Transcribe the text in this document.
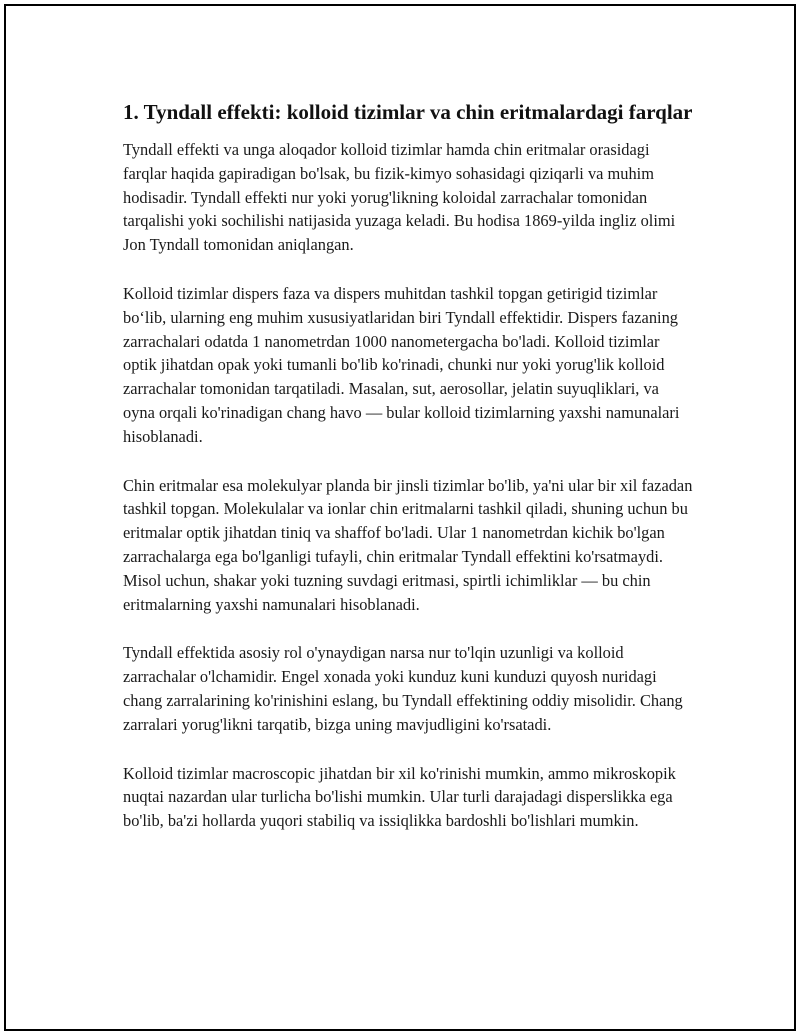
1. Tyndall effekti: kolloid tizimlar va chin eritmalardagi farqlar

Tyndall effekti va unga aloqador kolloid tizimlar hamda chin eritmalar orasidagi farqlar haqida gapiradigan bo'lsak, bu fizik-kimyo sohasidagi qiziqarli va muhim hodisadir. Tyndall effekti nur yoki yorug'likning koloidal zarrachalar tomonidan tarqalishi yoki sochilishi natijasida yuzaga keladi. Bu hodisa 1869-yilda ingliz olimi Jon Tyndall tomonidan aniqlangan.

Kolloid tizimlar dispers faza va dispers muhitdan tashkil topgan getirigid tizimlar bo‘lib, ularning eng muhim xususiyatlaridan biri Tyndall effektidir. Dispers fazaning zarrachalari odatda 1 nanometrdan 1000 nanometergacha bo'ladi. Kolloid tizimlar optik jihatdan opak yoki tumanli bo'lib ko'rinadi, chunki nur yoki yorug'lik kolloid zarrachalar tomonidan tarqatiladi. Masalan, sut, aerosollar, jelatin suyuqliklari, va oyna orqali ko'rinadigan chang havo — bular kolloid tizimlarning yaxshi namunalari hisoblanadi.

Chin eritmalar esa molekulyar planda bir jinsli tizimlar bo'lib, ya'ni ular bir xil fazadan tashkil topgan. Molekulalar va ionlar chin eritmalarni tashkil qiladi, shuning uchun bu eritmalar optik jihatdan tiniq va shaffof bo'ladi. Ular 1 nanometrdan kichik bo'lgan zarrachalarga ega bo'lganligi tufayli, chin eritmalar Tyndall effektini ko'rsatmaydi. Misol uchun, shakar yoki tuzning suvdagi eritmasi, spirtli ichimliklar — bu chin eritmalarning yaxshi namunalari hisoblanadi.

Tyndall effektida asosiy rol o'ynaydigan narsa nur to'lqin uzunligi va kolloid zarrachalar o'lchamidir. Engel xonada yoki kunduz kuni kunduzi quyosh nuridagi chang zarralarining ko'rinishini eslang, bu Tyndall effektining oddiy misolidir. Chang zarralari yorug'likni tarqatib, bizga uning mavjudligini ko'rsatadi.

Kolloid tizimlar macroscopic jihatdan bir xil ko'rinishi mumkin, ammo mikroskopik nuqtai nazardan ular turlicha bo'lishi mumkin. Ular turli darajadagi disperslikka ega bo'lib, ba'zi hollarda yuqori stabiliq va issiqlikka bardoshli bo'lishlari mumkin.
